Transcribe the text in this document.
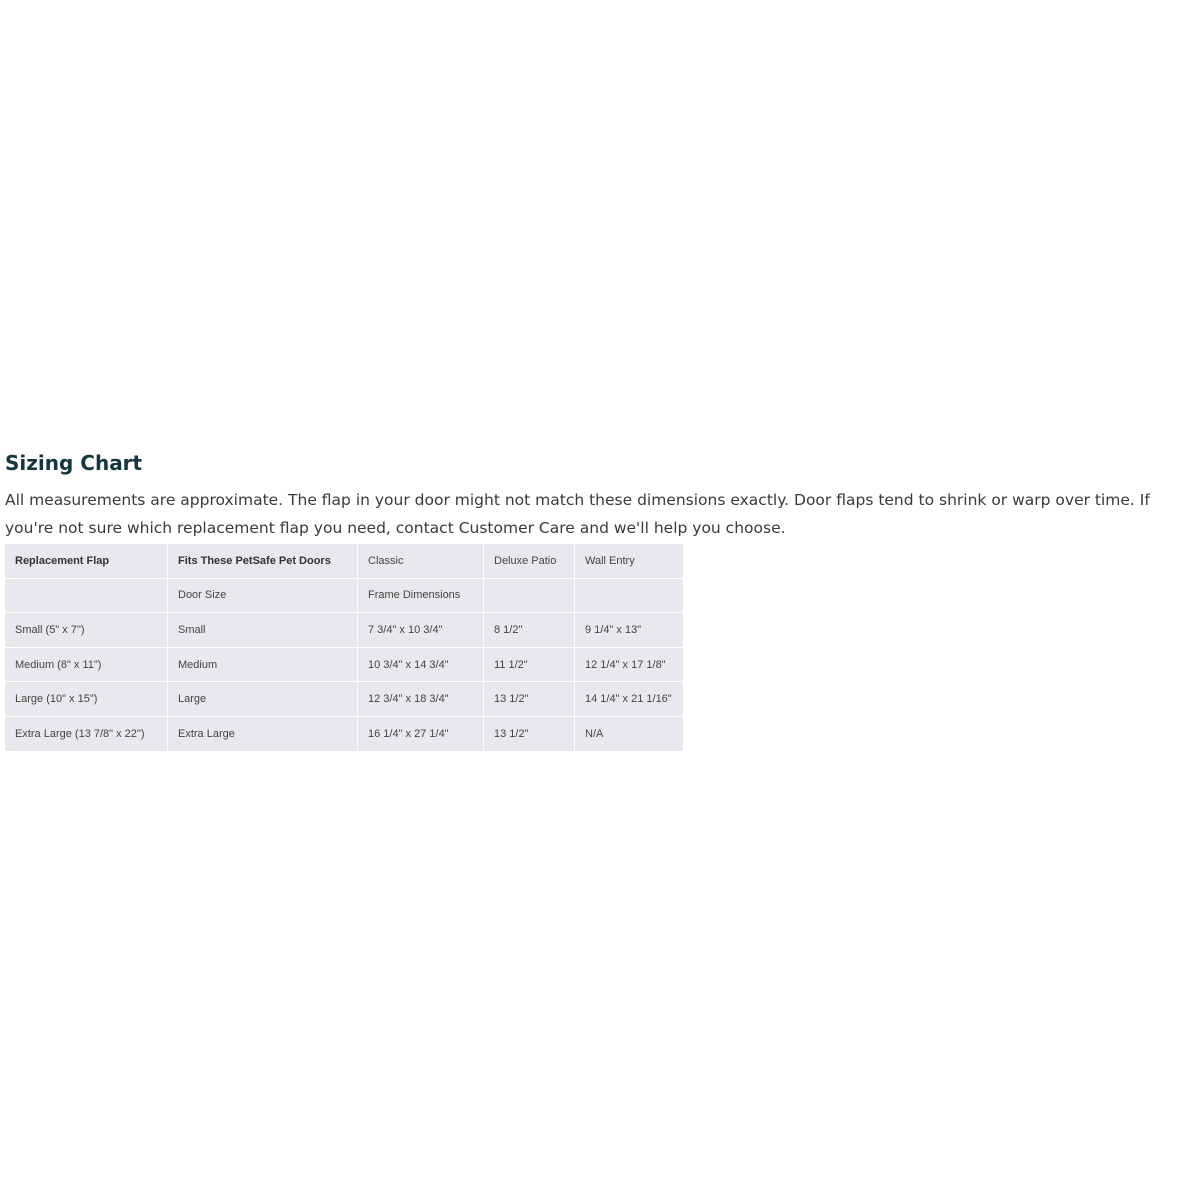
Sizing Chart

All measurements are approximate. The flap in your door might not match these dimensions exactly. Door flaps tend to shrink or warp over time. If
you're not sure which replacement flap you need, contact Customer Care and we'll help you choose.

Replacement Flap	Fits These PetSafe Pet Doors	Classic	Deluxe Patio	Wall Entry
	Door Size	Frame Dimensions		
Small (5" x 7")	Small	7 3/4" x 10 3/4"	8 1/2"	9 1/4" x 13"
Medium (8" x 11")	Medium	10 3/4" x 14 3/4"	11 1/2"	12 1/4" x 17 1/8"
Large (10" x 15")	Large	12 3/4" x 18 3/4"	13 1/2"	14 1/4" x 21 1/16"
Extra Large (13 7/8" x 22")	Extra Large	16 1/4" x 27 1/4"	13 1/2"	N/A
